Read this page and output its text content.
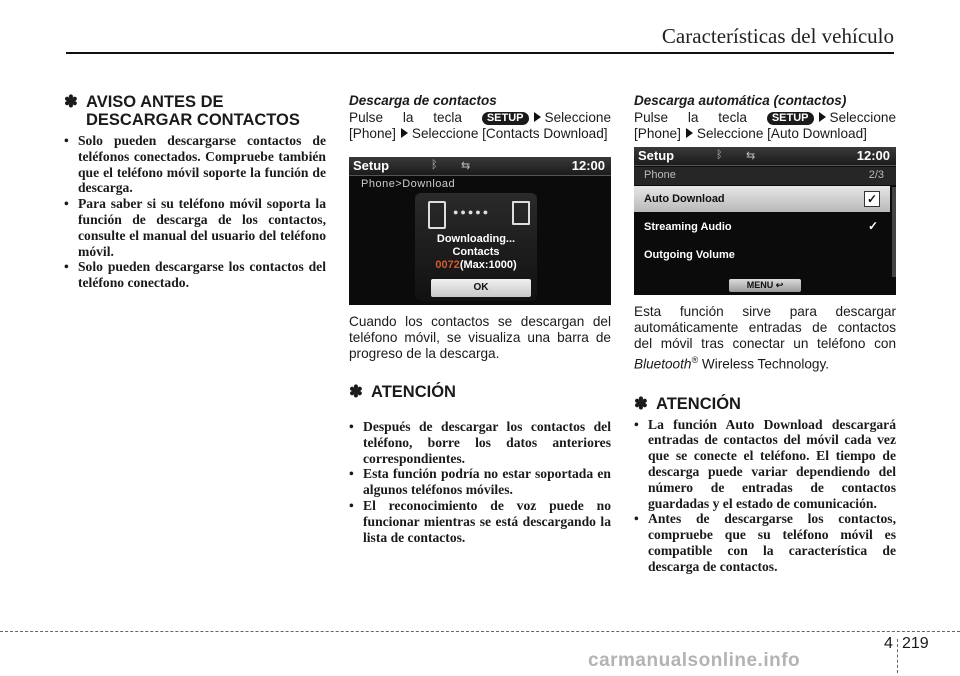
Características del vehículo
✽ AVISO ANTES DE
DESCARGAR CONTACTOS
• Solo pueden descargarse contactos de teléfonos conectados. Compruebe también que el teléfono móvil soporte la función de descarga.
• Para saber si su teléfono móvil soporta la función de descarga de los contactos, consulte el manual del usuario del teléfono móvil.
• Solo pueden descargarse los contactos del teléfono conectado.
Descarga de contactos

Pulse la tecla SETUP Seleccione [Phone] Seleccione [Contacts Download]

Setup	ᛒ ⇆	12:00
Phone>Download
●●●●●
Downloading...
Contacts
0072(Max:1000)
OK

Cuando los contactos se descargan del teléfono móvil, se visualiza una barra de progreso de la descarga.

✽ ATENCIÓN
• Después de descargar los contactos del teléfono, borre los datos anteriores correspondientes.
• Esta función podría no estar soportada en algunos teléfonos móviles.
• El reconocimiento de voz puede no funcionar mientras se está descargando la lista de contactos.
Descarga automática (contactos)

Pulse la tecla SETUP Seleccione [Phone] Seleccione [Auto Download]

Setup	ᛒ ⇆	12:00
Phone	2/3
Auto Download	✓
Streaming Audio	✓
Outgoing Volume
MENU ↩

Esta función sirve para descargar automáticamente entradas de contactos del móvil tras conectar un teléfono con Bluetooth® Wireless Technology.

✽ ATENCIÓN
• La función Auto Download descargará entradas de contactos del móvil cada vez que se conecte el teléfono. El tiempo de descarga puede variar dependiendo del número de entradas de contactos guardadas y el estado de comunicación.
• Antes de descargarse los contactos, compruebe que su teléfono móvil es compatible con la característica de descarga de contactos.
4 219
carmanualsonline.info
